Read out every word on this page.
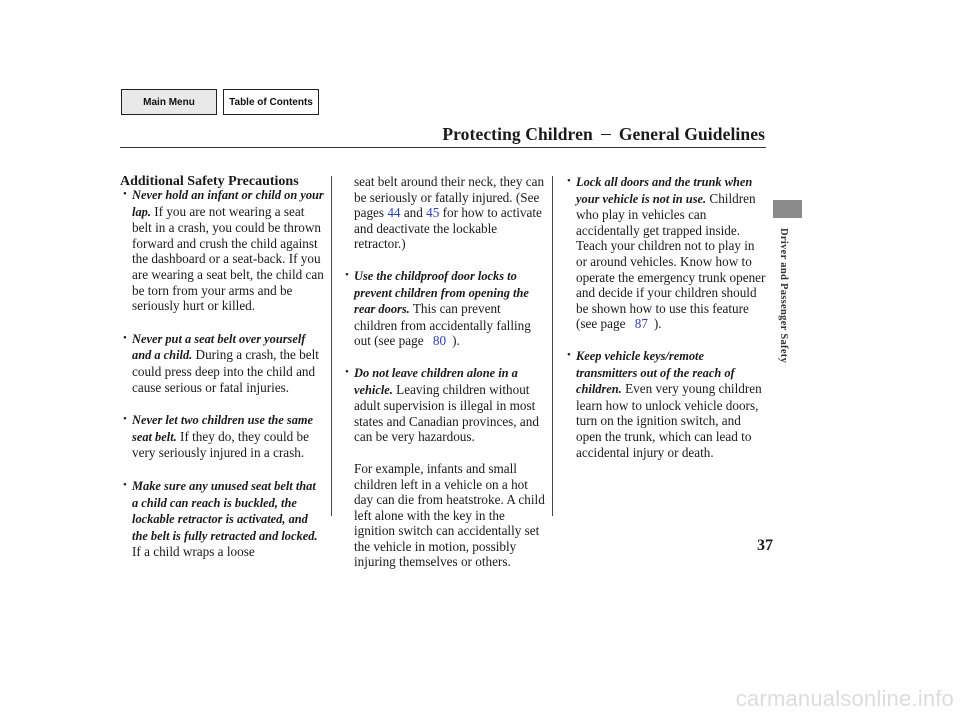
Main Menu	Table of Contents
Protecting Children General Guidelines
Additional Safety Precautions
• Never hold an infant or child on your lap. If you are not wearing a seat belt in a crash, you could be thrown forward and crush the child against the dashboard or a seat-back. If you are wearing a seat belt, the child can be torn from your arms and be seriously hurt or killed.

• Never put a seat belt over yourself and a child. During a crash, the belt could press deep into the child and cause serious or fatal injuries.

• Never let two children use the same seat belt. If they do, they could be very seriously injured in a crash.

• Make sure any unused seat belt that a child can reach is buckled, the lockable retractor is activated, and the belt is fully retracted and locked. If a child wraps a loose

seat belt around their neck, they can be seriously or fatally injured. (See pages 44 and 45 for how to activate and deactivate the lockable retractor.)

• Use the childproof door locks to prevent children from opening the rear doors. This can prevent children from accidentally falling out (see page 80 ).

• Do not leave children alone in a vehicle. Leaving children without adult supervision is illegal in most states and Canadian provinces, and can be very hazardous.

For example, infants and small children left in a vehicle on a hot day can die from heatstroke. A child left alone with the key in the ignition switch can accidentally set the vehicle in motion, possibly injuring themselves or others.

• Lock all doors and the trunk when your vehicle is not in use. Children who play in vehicles can accidentally get trapped inside. Teach your children not to play in or around vehicles. Know how to operate the emergency trunk opener and decide if your children should be shown how to use this feature (see page 87 ).

• Keep vehicle keys/remote transmitters out of the reach of children. Even very young children learn how to unlock vehicle doors, turn on the ignition switch, and open the trunk, which can lead to accidental injury or death.

Driver and Passenger Safety
37
carmanualsonline.info
